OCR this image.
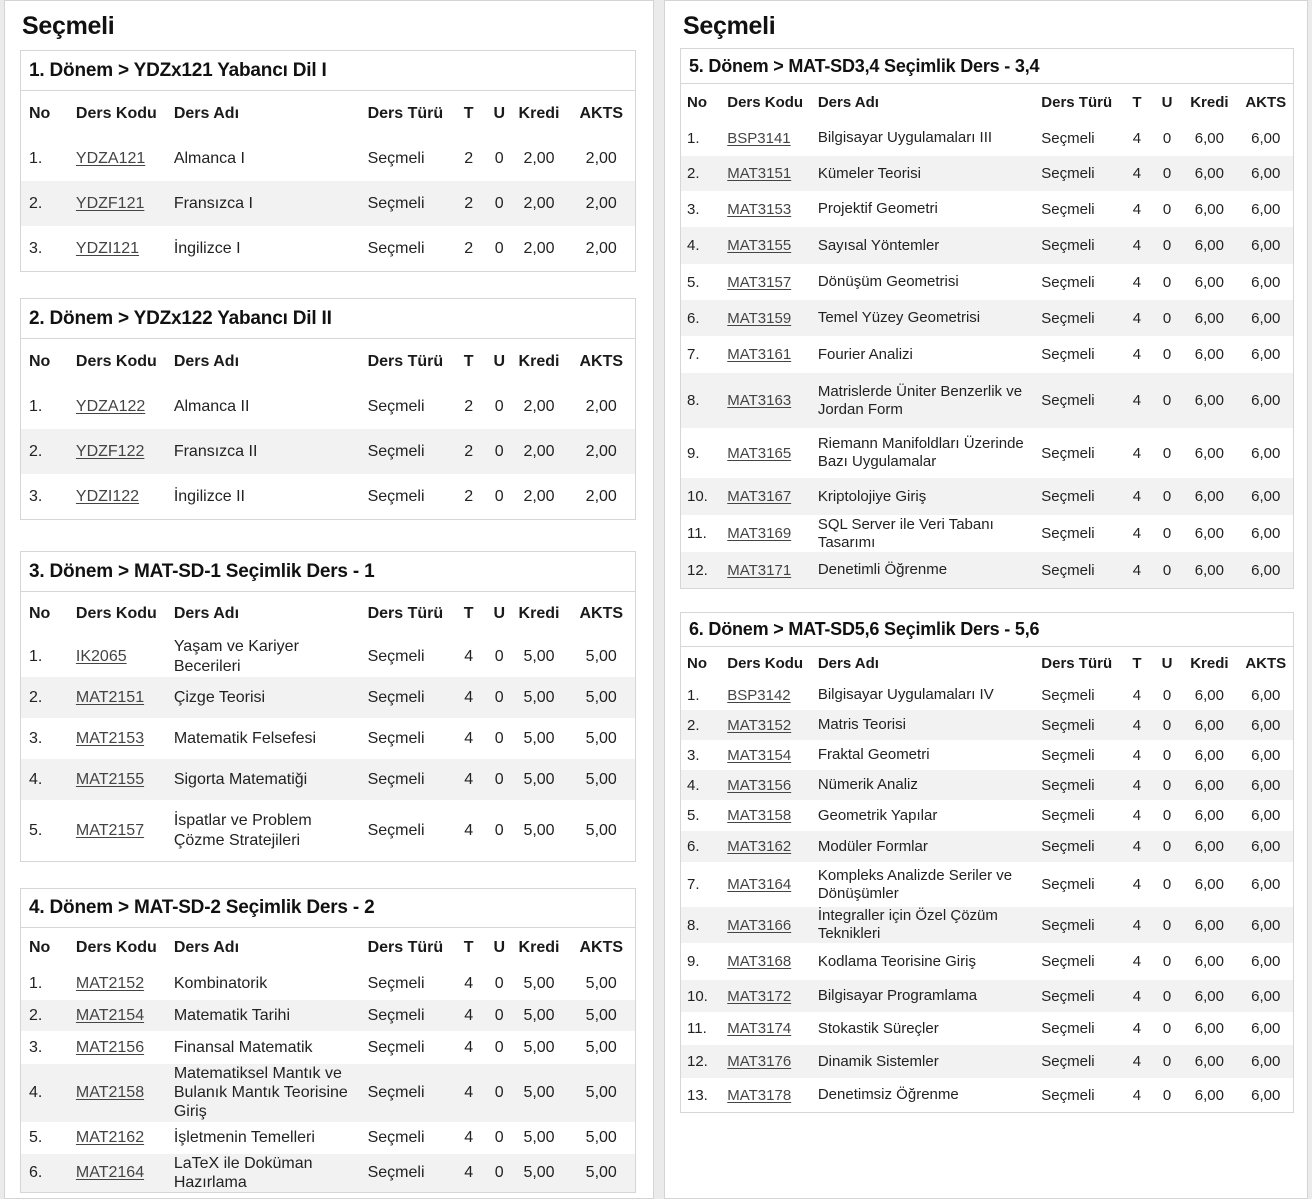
Seçmeli
1. Dönem > YDZx121 Yabancı Dil I
No	Ders Kodu	Ders Adı	Ders Türü	T	U	Kredi	AKTS
1.	YDZA121	Almanca I	Seçmeli	2	0	2,00	2,00
2.	YDZF121	Fransızca I	Seçmeli	2	0	2,00	2,00
3.	YDZI121	İngilizce I	Seçmeli	2	0	2,00	2,00
2. Dönem > YDZx122 Yabancı Dil II
No	Ders Kodu	Ders Adı	Ders Türü	T	U	Kredi	AKTS
1.	YDZA122	Almanca II	Seçmeli	2	0	2,00	2,00
2.	YDZF122	Fransızca II	Seçmeli	2	0	2,00	2,00
3.	YDZI122	İngilizce II	Seçmeli	2	0	2,00	2,00
3. Dönem > MAT-SD-1 Seçimlik Ders - 1
No	Ders Kodu	Ders Adı	Ders Türü	T	U	Kredi	AKTS
1.	IK2065	Yaşam ve Kariyer Becerileri	Seçmeli	4	0	5,00	5,00
2.	MAT2151	Çizge Teorisi	Seçmeli	4	0	5,00	5,00
3.	MAT2153	Matematik Felsefesi	Seçmeli	4	0	5,00	5,00
4.	MAT2155	Sigorta Matematiği	Seçmeli	4	0	5,00	5,00
5.	MAT2157	İspatlar ve Problem Çözme Stratejileri	Seçmeli	4	0	5,00	5,00
4. Dönem > MAT-SD-2 Seçimlik Ders - 2
No	Ders Kodu	Ders Adı	Ders Türü	T	U	Kredi	AKTS
1.	MAT2152	Kombinatorik	Seçmeli	4	0	5,00	5,00
2.	MAT2154	Matematik Tarihi	Seçmeli	4	0	5,00	5,00
3.	MAT2156	Finansal Matematik	Seçmeli	4	0	5,00	5,00
4.	MAT2158	Matematiksel Mantık ve Bulanık Mantık Teorisine Giriş	Seçmeli	4	0	5,00	5,00
5.	MAT2162	İşletmenin Temelleri	Seçmeli	4	0	5,00	5,00
6.	MAT2164	LaTeX ile Doküman Hazırlama	Seçmeli	4	0	5,00	5,00
Seçmeli
5. Dönem > MAT-SD3,4 Seçimlik Ders - 3,4
No	Ders Kodu	Ders Adı	Ders Türü	T	U	Kredi	AKTS
1.	BSP3141	Bilgisayar Uygulamaları III	Seçmeli	4	0	6,00	6,00
2.	MAT3151	Kümeler Teorisi	Seçmeli	4	0	6,00	6,00
3.	MAT3153	Projektif Geometri	Seçmeli	4	0	6,00	6,00
4.	MAT3155	Sayısal Yöntemler	Seçmeli	4	0	6,00	6,00
5.	MAT3157	Dönüşüm Geometrisi	Seçmeli	4	0	6,00	6,00
6.	MAT3159	Temel Yüzey Geometrisi	Seçmeli	4	0	6,00	6,00
7.	MAT3161	Fourier Analizi	Seçmeli	4	0	6,00	6,00
8.	MAT3163	Matrislerde Üniter Benzerlik ve Jordan Form	Seçmeli	4	0	6,00	6,00
9.	MAT3165	Riemann Manifoldları Üzerinde Bazı Uygulamalar	Seçmeli	4	0	6,00	6,00
10.	MAT3167	Kriptolojiye Giriş	Seçmeli	4	0	6,00	6,00
11.	MAT3169	SQL Server ile Veri Tabanı Tasarımı	Seçmeli	4	0	6,00	6,00
12.	MAT3171	Denetimli Öğrenme	Seçmeli	4	0	6,00	6,00
6. Dönem > MAT-SD5,6 Seçimlik Ders - 5,6
No	Ders Kodu	Ders Adı	Ders Türü	T	U	Kredi	AKTS
1.	BSP3142	Bilgisayar Uygulamaları IV	Seçmeli	4	0	6,00	6,00
2.	MAT3152	Matris Teorisi	Seçmeli	4	0	6,00	6,00
3.	MAT3154	Fraktal Geometri	Seçmeli	4	0	6,00	6,00
4.	MAT3156	Nümerik Analiz	Seçmeli	4	0	6,00	6,00
5.	MAT3158	Geometrik Yapılar	Seçmeli	4	0	6,00	6,00
6.	MAT3162	Modüler Formlar	Seçmeli	4	0	6,00	6,00
7.	MAT3164	Kompleks Analizde Seriler ve Dönüşümler	Seçmeli	4	0	6,00	6,00
8.	MAT3166	İntegraller için Özel Çözüm Teknikleri	Seçmeli	4	0	6,00	6,00
9.	MAT3168	Kodlama Teorisine Giriş	Seçmeli	4	0	6,00	6,00
10.	MAT3172	Bilgisayar Programlama	Seçmeli	4	0	6,00	6,00
11.	MAT3174	Stokastik Süreçler	Seçmeli	4	0	6,00	6,00
12.	MAT3176	Dinamik Sistemler	Seçmeli	4	0	6,00	6,00
13.	MAT3178	Denetimsiz Öğrenme	Seçmeli	4	0	6,00	6,00
